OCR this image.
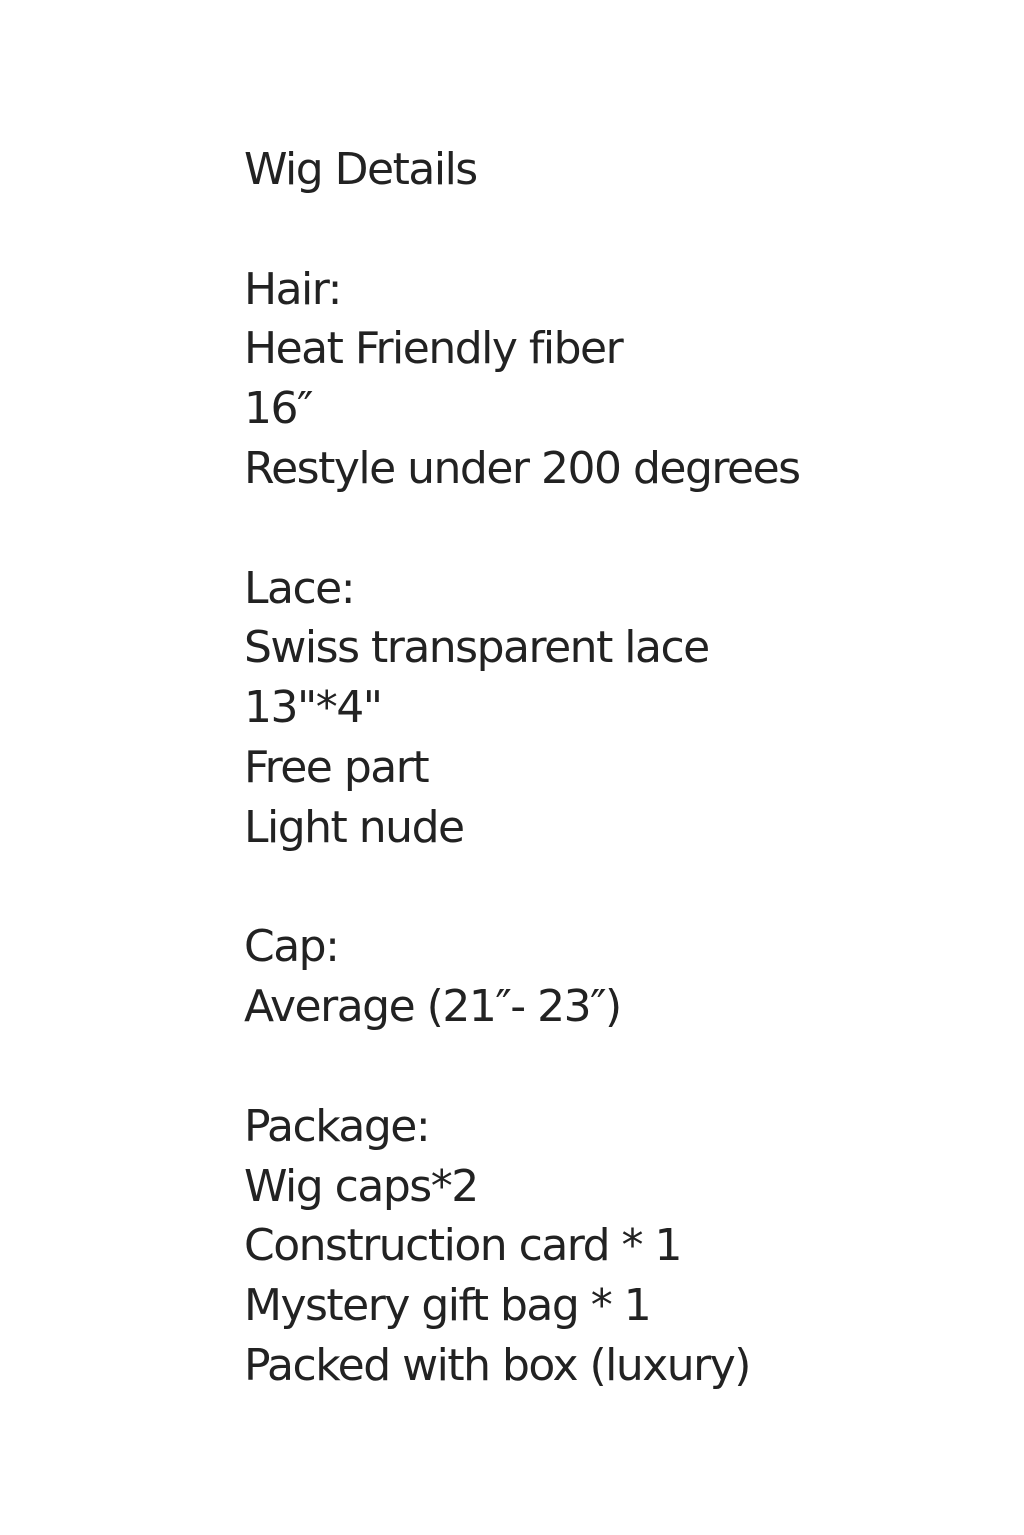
Wig Details
Hair:
Heat Friendly fiber
16″
Restyle under 200 degrees
Lace:
Swiss transparent lace
13"*4"
Free part
Light nude
Cap:
Average (21″- 23″)
Package:
Wig caps*2
Construction card * 1
Mystery gift bag * 1
Packed with box (luxury)
